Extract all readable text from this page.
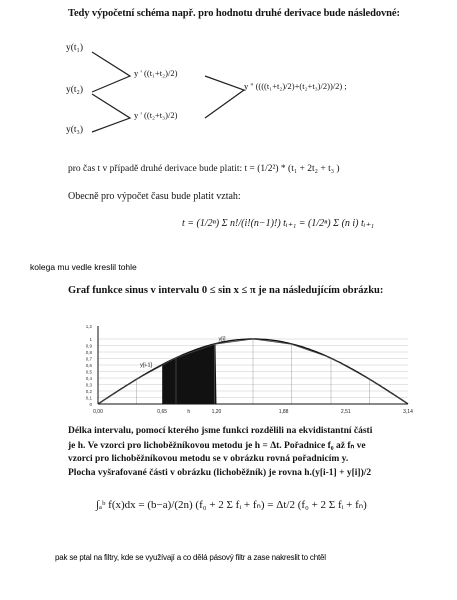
Tedy výpočetní schéma např. pro hodnotu druhé derivace bude následovné:
y(t₁)
y(t₂)
y(t₃)
y ' ((t₁+t₂)/2)
y ' ((t₂+t₃)/2)
y '' ((((t₁+t₂)/2)+(t₂+t₃)/2))/2) ;
pro čas t v případě druhé derivace bude platit: t = (1/2²) * (t₁ + 2t₂ + t₃ )
Obecně pro výpočet času bude platit vztah:
t = (1/2ⁿ) Σ n!/(i!(n−1)!) tᵢ₊₁ = (1/2ⁿ) Σ (n i) tᵢ₊₁
kolega mu vedle kreslil tohle
Graf funkce sinus v intervalu 0 ≤ sin x ≤ π je na následujícím obrázku:
0
0,1
0,2
0,3
0,4
0,5
0,6
0,7
0,8
0,9
1
1,2
0,00	0,65	h	1,20	1,88	2,51	3,14
y[i]
y[i-1]
Délka intervalu, pomocí kterého jsme funkci rozdělili na ekvidistantní části
je h. Ve vzorci pro lichoběžníkovou metodu je h = Δt. Pořadnice f₀ až fₙ ve
vzorci pro lichoběžníkovou metodu se v obrázku rovná pořadnicím y.
Plocha vyšrafované části v obrázku (lichoběžník) je rovna h.(y[i-1] + y[i])/2
∫ₐᵇ f(x)dx = (b−a)/(2n) (f₀ + 2 Σ fᵢ + fₙ) = Δt/2 (f₀ + 2 Σ fᵢ + fₙ)
pak se ptal na filtry, kde se využívají a co dělá pásový filtr a zase nakreslit to chtěl
